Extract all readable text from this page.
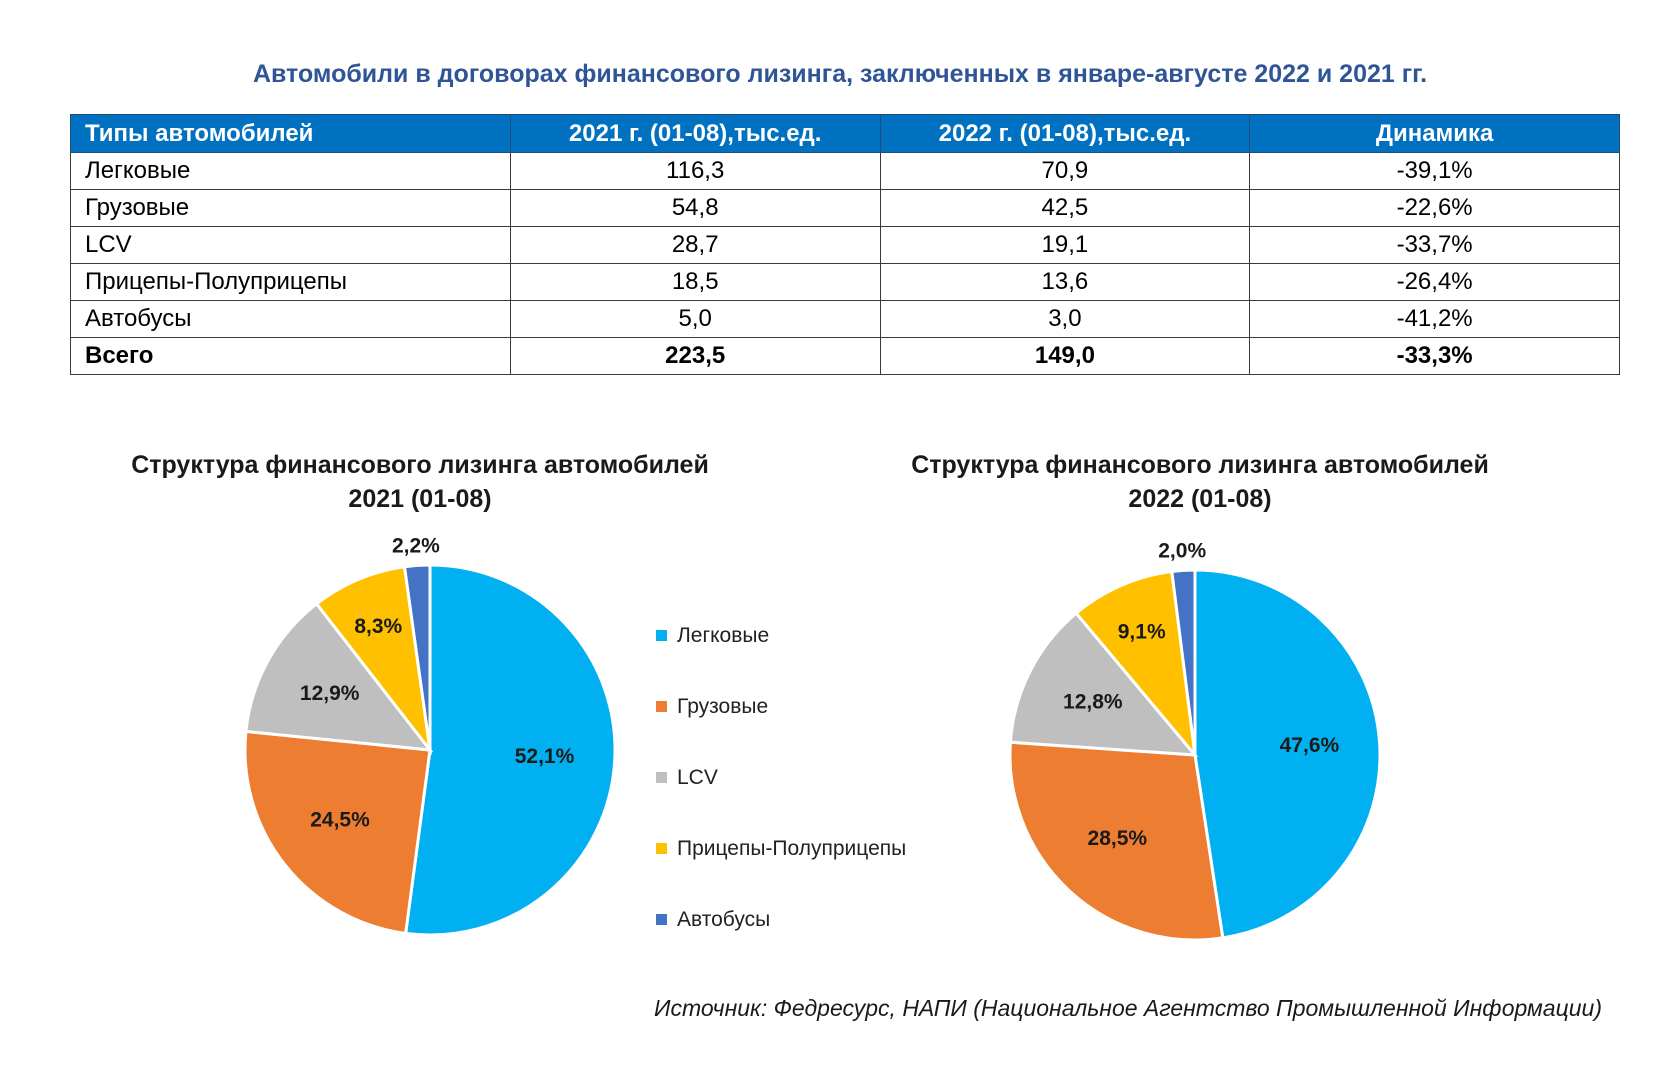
Автомобили в договорах финансового лизинга, заключенных в январе-августе 2022 и 2021 гг.
Типы автомобилей	2021 г. (01-08),тыс.ед.	2022 г. (01-08),тыс.ед.	Динамика
Легковые	116,3	70,9	-39,1%
Грузовые	54,8	42,5	-22,6%
LCV	28,7	19,1	-33,7%
Прицепы-Полуприцепы	18,5	13,6	-26,4%
Автобусы	5,0	3,0	-41,2%
Всего	223,5	149,0	-33,3%
Структура финансового лизинга автомобилей
2021 (01-08)
Структура финансового лизинга автомобилей
2022 (01-08)
52,1%
24,5%
12,9%
8,3%
2,2%
47,6%
28,5%
12,8%
9,1%
2,0%
Легковые
Грузовые
LCV
Прицепы-Полуприцепы
Автобусы
Источник: Федресурс, НАПИ (Национальное Агентство Промышленной Информации)
